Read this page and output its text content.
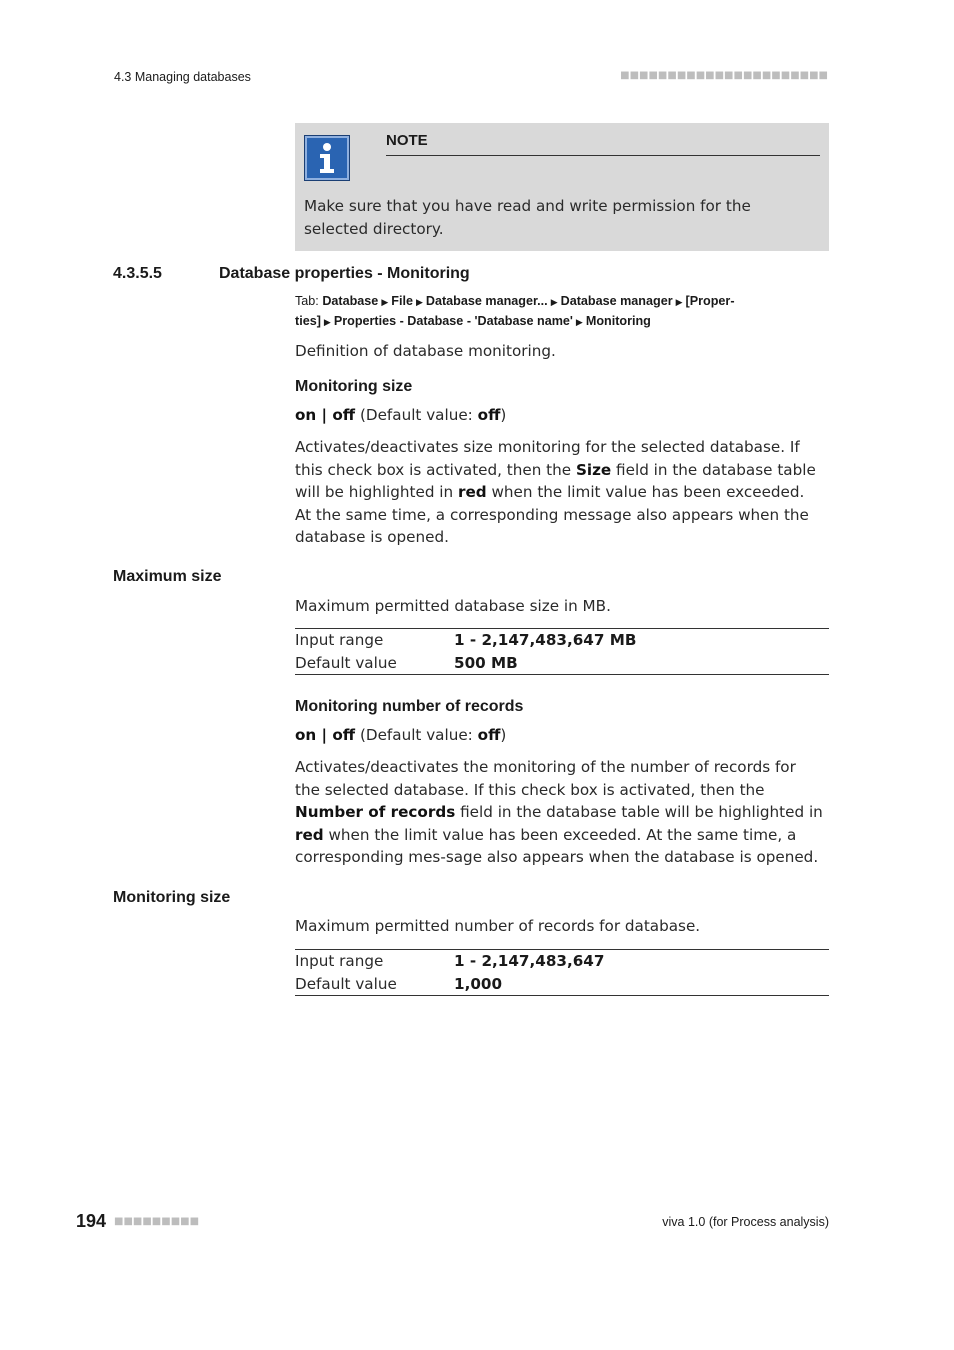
4.3 Managing databases	■■■■■■■■■■■■■■■■■■■■■■
NOTE
Make sure that you have read and write permission for the selected directory.
4.3.5.5	Database properties - Monitoring
Tab: Database ▶ File ▶ Database manager... ▶ Database manager ▶ [Proper-ties] ▶ Properties - Database - 'Database name' ▶ Monitoring
Definition of database monitoring.
Monitoring size
on | off (Default value: off)
Activates/deactivates size monitoring for the selected database. If this check box is activated, then the Size field in the database table will be highlighted in red when the limit value has been exceeded. At the same time, a corresponding message also appears when the database is opened.
Maximum size
Maximum permitted database size in MB.
Input range	1 - 2,147,483,647 MB
Default value	500 MB
Monitoring number of records
on | off (Default value: off)
Activates/deactivates the monitoring of the number of records for the selected database. If this check box is activated, then the Number of records field in the database table will be highlighted in red when the limit value has been exceeded. At the same time, a corresponding mes-sage also appears when the database is opened.
Monitoring size
Maximum permitted number of records for database.
Input range	1 - 2,147,483,647
Default value	1,000
194 ■■■■■■■■■	viva 1.0 (for Process analysis)
